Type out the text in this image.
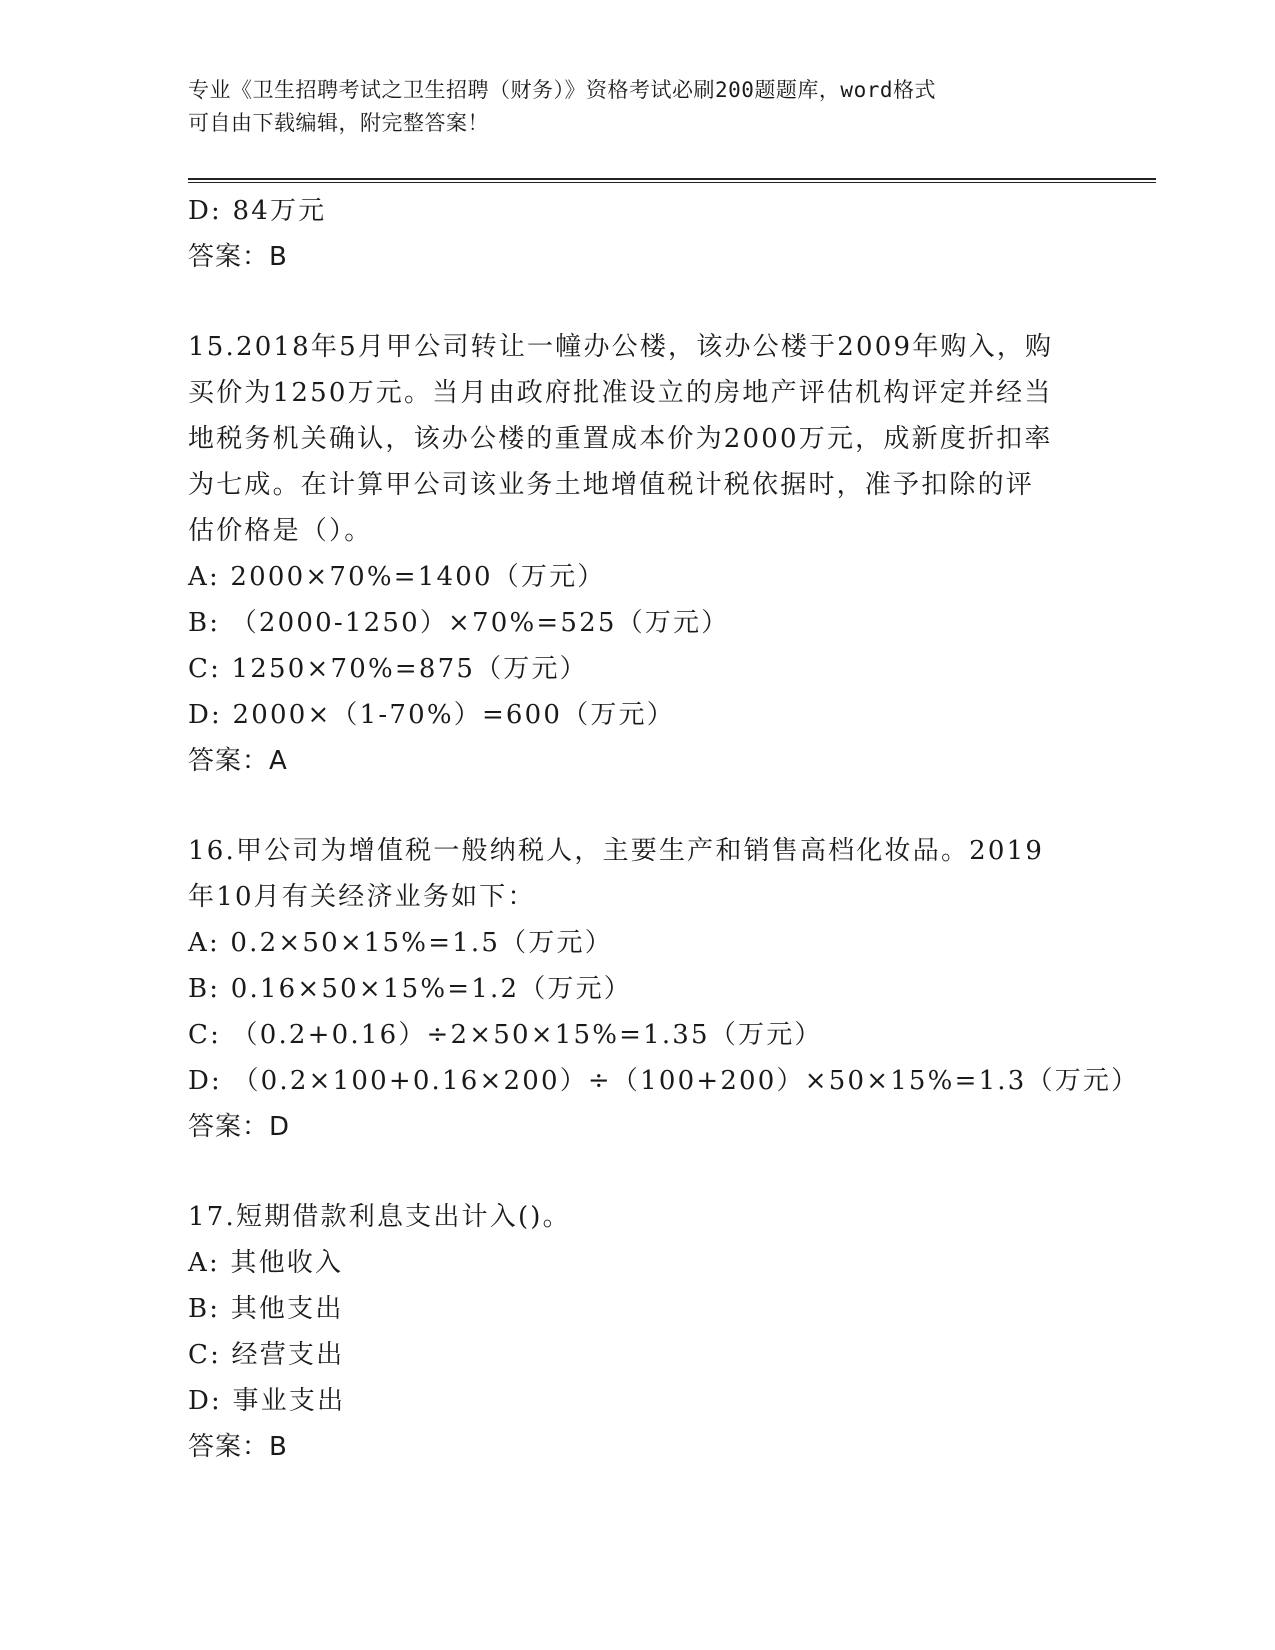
专业《卫生招聘考试之卫生招聘（财务）》资格考试必刷200题题库，word格式
可自由下载编辑，附完整答案！
D: 84万元
答案：B
15.2018年5月甲公司转让一幢办公楼，该办公楼于2009年购入，购
买价为1250万元。当月由政府批准设立的房地产评估机构评定并经当
地税务机关确认，该办公楼的重置成本价为2000万元，成新度折扣率
为七成。在计算甲公司该业务土地增值税计税依据时，准予扣除的评
估价格是（）。
A: 2000×70%=1400（万元）
B: （2000-1250）×70%=525（万元）
C: 1250×70%=875（万元）
D: 2000×（1-70%）=600（万元）
答案：A
16.甲公司为增值税一般纳税人，主要生产和销售高档化妆品。2019
年10月有关经济业务如下：
A: 0.2×50×15%=1.5（万元）
B: 0.16×50×15%=1.2（万元）
C: （0.2+0.16）÷2×50×15%=1.35（万元）
D: （0.2×100+0.16×200）÷（100+200）×50×15%=1.3（万元）
答案：D
17.短期借款利息支出计入()。
A: 其他收入
B: 其他支出
C: 经营支出
D: 事业支出
答案：B
